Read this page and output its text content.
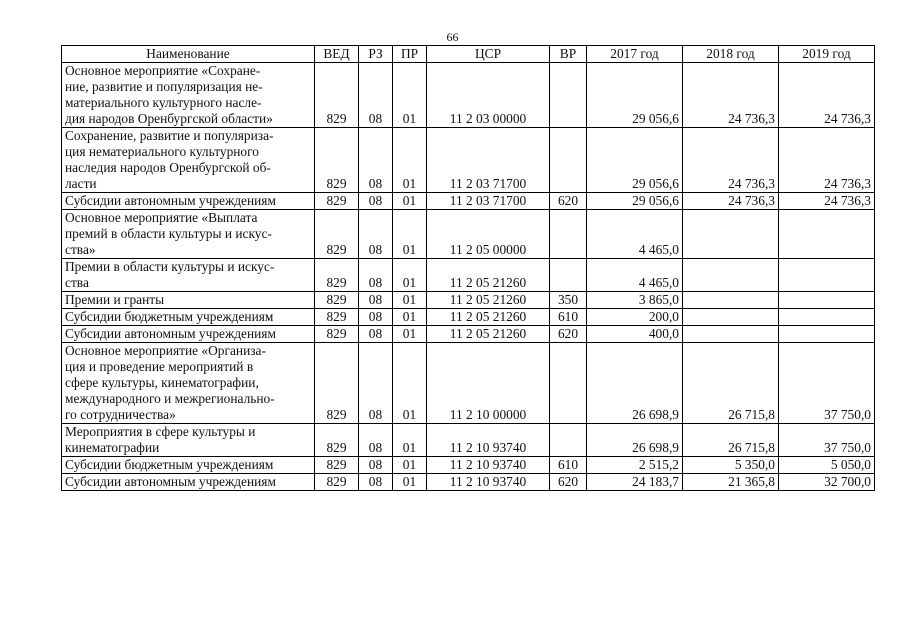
66
Наименование	ВЕД	РЗ	ПР	ЦСР	ВР	2017 год	2018 год	2019 год

Основное мероприятие «Сохране-
ние, развитие и популяризация не-
материального культурного насле-
дия народов Оренбургской области»	829	08	01	11 2 03 00000		29 056,6	24 736,3	24 736,3

Сохранение, развитие и популяриза-
ция нематериального культурного
наследия народов Оренбургской об-
ласти	829	08	01	11 2 03 71700		29 056,6	24 736,3	24 736,3

Субсидии автономным учреждениям	829	08	01	11 2 03 71700	620	29 056,6	24 736,3	24 736,3

Основное мероприятие «Выплата
премий в области культуры и искус-
ства»	829	08	01	11 2 05 00000		4 465,0		

Премии в области культуры и искус-
ства	829	08	01	11 2 05 21260		4 465,0		

Премии и гранты	829	08	01	11 2 05 21260	350	3 865,0		

Субсидии бюджетным учреждениям	829	08	01	11 2 05 21260	610	200,0		

Субсидии автономным учреждениям	829	08	01	11 2 05 21260	620	400,0		

Основное мероприятие «Организа-
ция и проведение мероприятий в
сфере культуры, кинематографии,
международного и межрегионально-
го сотрудничества»	829	08	01	11 2 10 00000		26 698,9	26 715,8	37 750,0

Мероприятия в сфере культуры и
кинематографии	829	08	01	11 2 10 93740		26 698,9	26 715,8	37 750,0

Субсидии бюджетным учреждениям	829	08	01	11 2 10 93740	610	2 515,2	5 350,0	5 050,0

Субсидии автономным учреждениям	829	08	01	11 2 10 93740	620	24 183,7	21 365,8	32 700,0
